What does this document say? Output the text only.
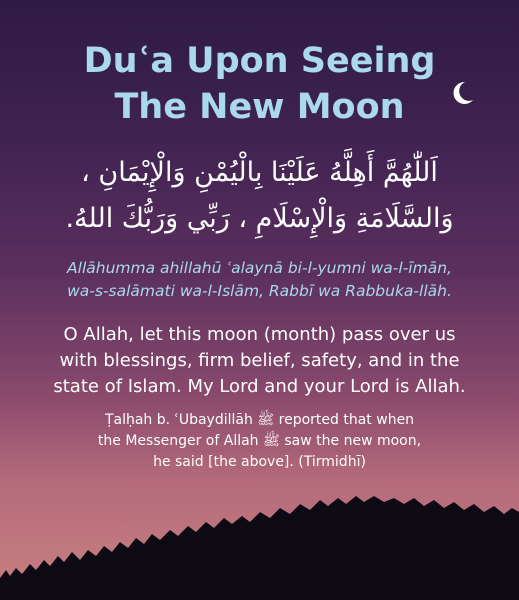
Duʿa Upon Seeing
The New Moon
اَللّٰهُمَّ أَهِلَّهُ عَلَيْنَا بِالْيُمْنِ وَالْإِيْمَانِ ،
وَالسَّلَامَةِ وَالْإِسْلَامِ ، رَبِّي وَرَبُّكَ اللهُ.
Allāhumma ahillahū ʿalaynā bi-l-yumni wa-l-īmān,
wa-s-salāmati wa-l-Islām, Rabbī wa Rabbuka-llāh.
O Allah, let this moon (month) pass over us
with blessings, firm belief, safety, and in the
state of Islam. My Lord and your Lord is Allah.
Ṭalḥah b. ʿUbaydillāh ﷺ reported that when
the Messenger of Allah ﷺ saw the new moon,
he said [the above]. (Tirmidhī)
